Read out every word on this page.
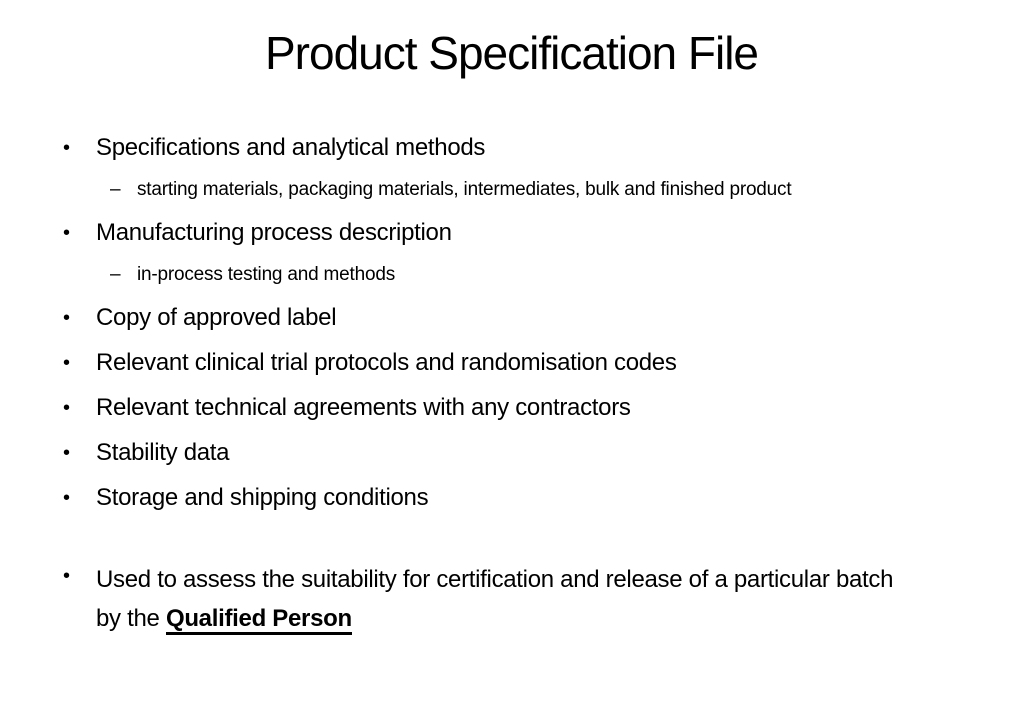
Product Specification File
•	Specifications and analytical methods
– starting materials, packaging materials, intermediates, bulk and finished product
•	Manufacturing process description
– in-process testing and methods
•	Copy of approved label
•	Relevant clinical trial protocols and randomisation codes
•	Relevant technical agreements with any contractors
•	Stability data
•	Storage and shipping conditions
•	Used to assess the suitability for certification and release of a particular batch by the Qualified Person
